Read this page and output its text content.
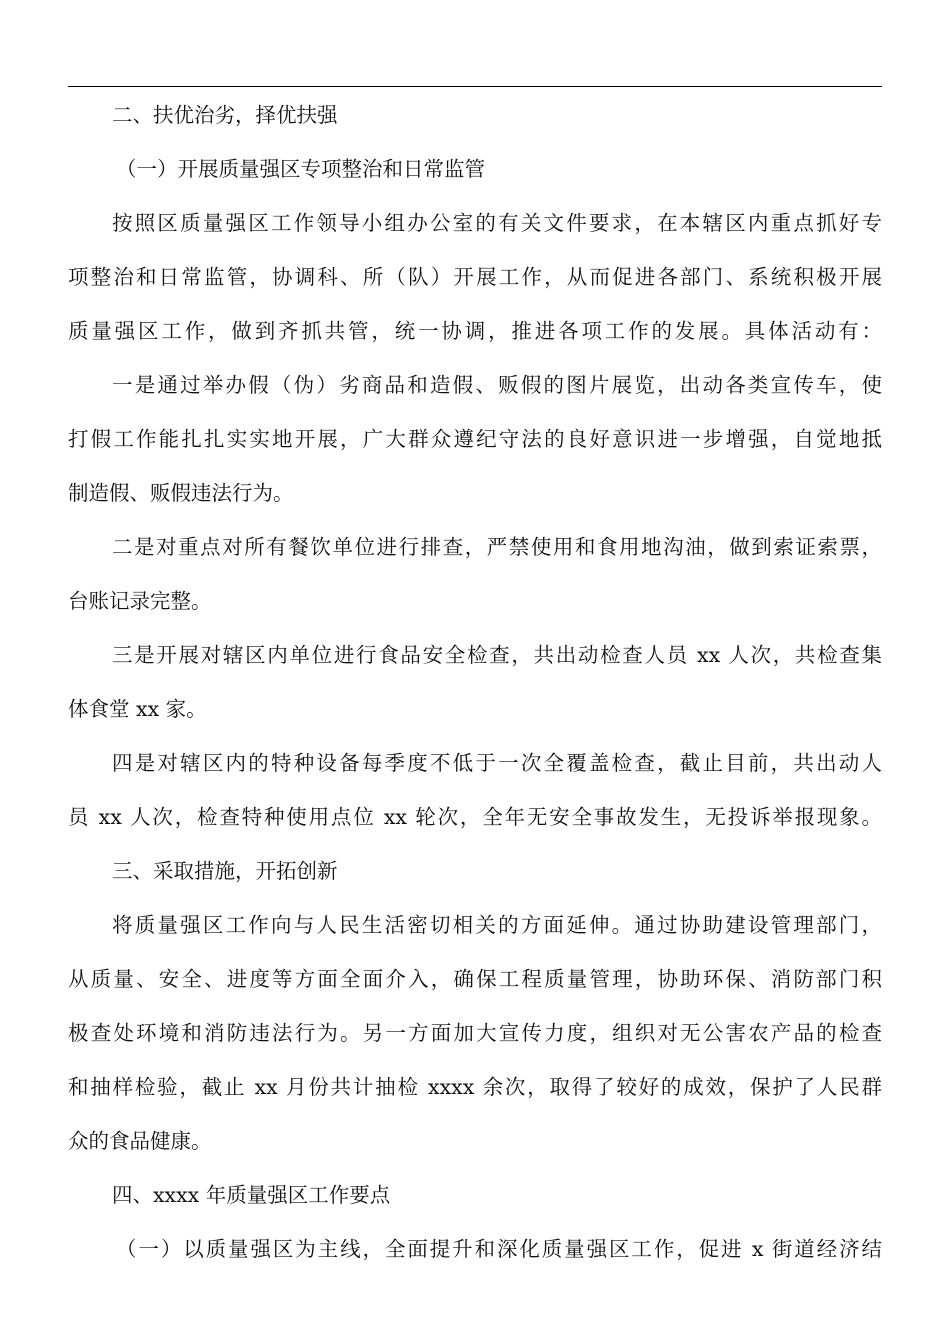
二、扶优治劣，择优扶强
（一）开展质量强区专项整治和日常监管
按照区质量强区工作领导小组办公室的有关文件要求，在本辖区内重点抓好专
项整治和日常监管，协调科、所（队）开展工作，从而促进各部门、系统积极开展
质量强区工作，做到齐抓共管，统一协调，推进各项工作的发展。具体活动有：
一是通过举办假（伪）劣商品和造假、贩假的图片展览，出动各类宣传车，使
打假工作能扎扎实实地开展，广大群众遵纪守法的良好意识进一步增强，自觉地抵
制造假、贩假违法行为。
二是对重点对所有餐饮单位进行排查，严禁使用和食用地沟油，做到索证索票，
台账记录完整。
三是开展对辖区内单位进行食品安全检查，共出动检查人员 xx 人次，共检查集
体食堂 xx 家。
四是对辖区内的特种设备每季度不低于一次全覆盖检查，截止目前，共出动人
员 xx 人次，检查特种使用点位 xx 轮次，全年无安全事故发生，无投诉举报现象。
三、采取措施，开拓创新
将质量强区工作向与人民生活密切相关的方面延伸。通过协助建设管理部门，
从质量、安全、进度等方面全面介入，确保工程质量管理，协助环保、消防部门积
极查处环境和消防违法行为。另一方面加大宣传力度，组织对无公害农产品的检查
和抽样检验，截止 xx 月份共计抽检 xxxx 余次，取得了较好的成效，保护了人民群
众的食品健康。
四、xxxx 年质量强区工作要点
（一）以质量强区为主线，全面提升和深化质量强区工作，促进 x 街道经济结
